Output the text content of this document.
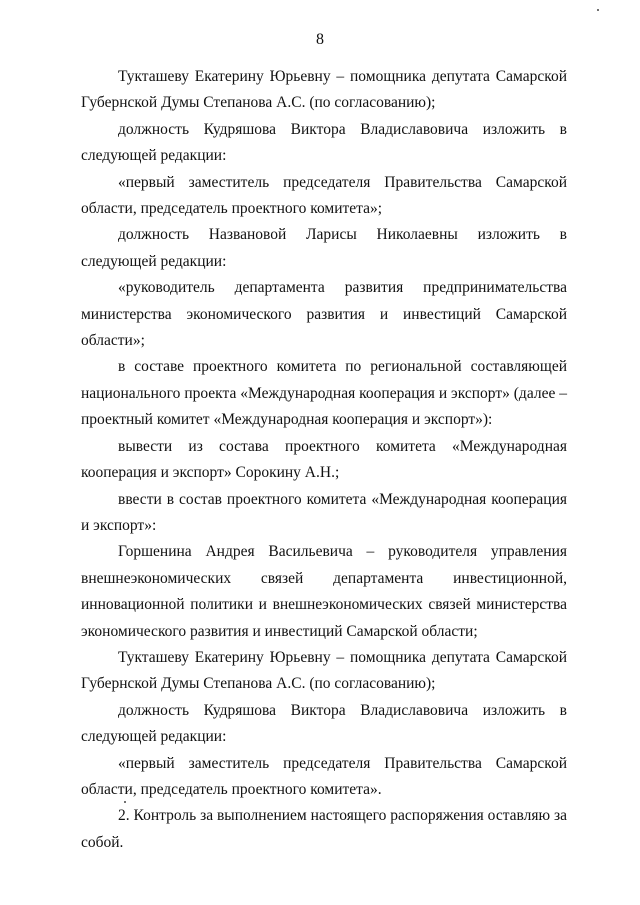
8

Тукташеву Екатерину Юрьевну – помощника депутата Самарской Губернской Думы Степанова А.С. (по согласованию);

должность Кудряшова Виктора Владиславовича изложить в следующей редакции:

«первый заместитель председателя Правительства Самарской области, председатель проектного комитета»;

должность Названовой Ларисы Николаевны изложить в следующей редакции:

«руководитель департамента развития предпринимательства министерства экономического развития и инвестиций Самарской области»;

в составе проектного комитета по региональной составляющей национального проекта «Международная кооперация и экспорт» (далее – проектный комитет «Международная кооперация и экспорт»):

вывести из состава проектного комитета «Международная кооперация и экспорт» Сорокину А.Н.;

ввести в состав проектного комитета «Международная кооперация и экспорт»:

Горшенина Андрея Васильевича – руководителя управления внешнеэкономических связей департамента инвестиционной, инновационной политики и внешнеэкономических связей министерства экономического развития и инвестиций Самарской области;

Тукташеву Екатерину Юрьевну – помощника депутата Самарской Губернской Думы Степанова А.С. (по согласованию);

должность Кудряшова Виктора Владиславовича изложить в следующей редакции:

«первый заместитель председателя Правительства Самарской области, председатель проектного комитета».

2. Контроль за выполнением настоящего распоряжения оставляю за собой.
